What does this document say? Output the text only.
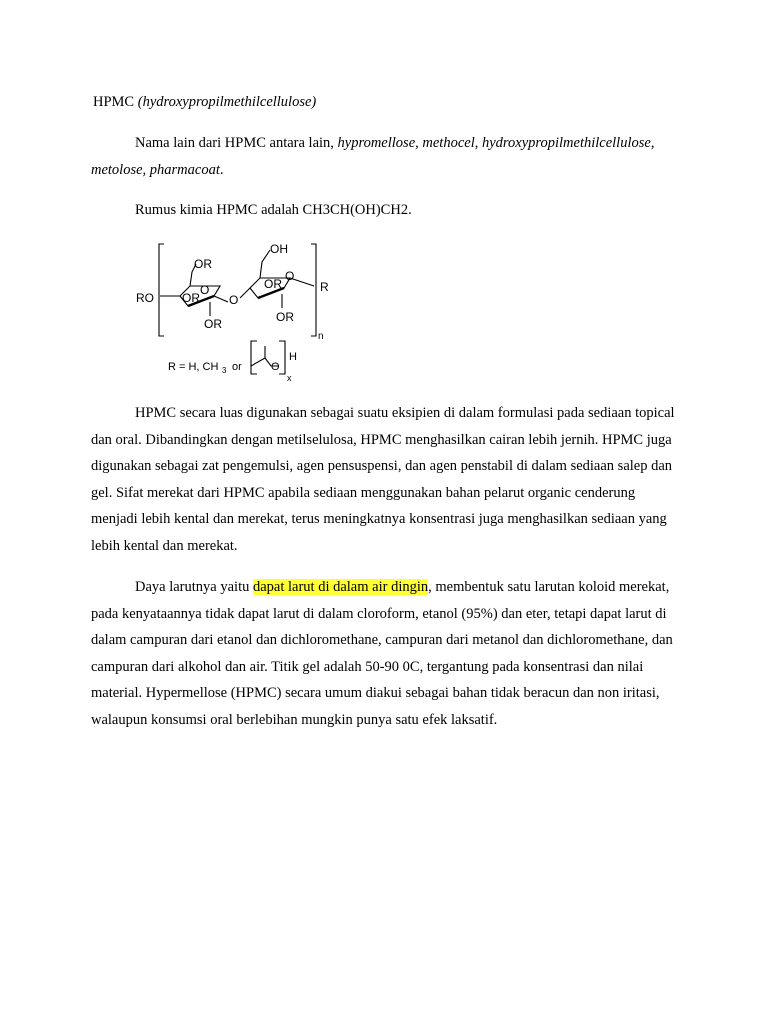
HPMC (hydroxypropilmethilcellulose)

Nama lain dari HPMC antara lain, hypromellose, methocel, hydroxypropilmethilcellulose, metolose, pharmacoat.

Rumus kimia HPMC adalah CH3CH(OH)CH2.

OR
OH
RO OR
O
O
OR
O
R
OR	OR
n
R = H, CH 3 or	O
H
x

HPMC secara luas digunakan sebagai suatu eksipien di dalam formulasi pada sediaan topical dan oral. Dibandingkan dengan metilselulosa, HPMC menghasilkan cairan lebih jernih. HPMC juga digunakan sebagai zat pengemulsi, agen pensuspensi, dan agen penstabil di dalam sediaan salep dan gel. Sifat merekat dari HPMC apabila sediaan menggunakan bahan pelarut organic cenderung menjadi lebih kental dan merekat, terus meningkatnya konsentrasi juga menghasilkan sediaan yang lebih kental dan merekat.

Daya larutnya yaitu dapat larut di dalam air dingin, membentuk satu larutan koloid merekat, pada kenyataannya tidak dapat larut di dalam cloroform, etanol (95%) dan eter, tetapi dapat larut di dalam campuran dari etanol dan dichloromethane, campuran dari metanol dan dichloromethane, dan campuran dari alkohol dan air. Titik gel adalah 50-90 0C, tergantung pada konsentrasi dan nilai material. Hypermellose (HPMC) secara umum diakui sebagai bahan tidak beracun dan non iritasi, walaupun konsumsi oral berlebihan mungkin punya satu efek laksatif.
